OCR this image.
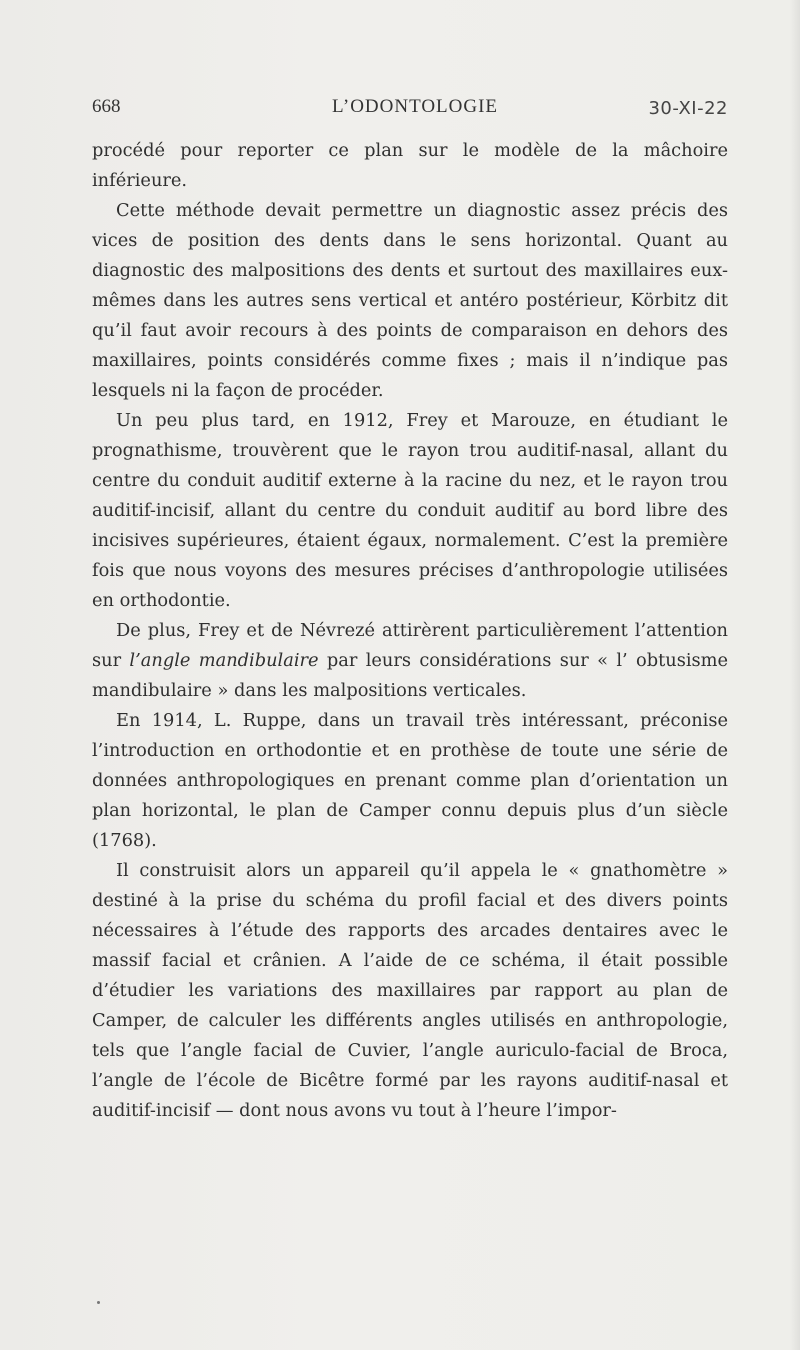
668	L’ODONTOLOGIE	30-XI-22

procédé pour reporter ce plan sur le modèle de la mâchoire inférieure.

Cette méthode devait permettre un diagnostic assez précis des vices de position des dents dans le sens horizontal. Quant au diagnostic des malpositions des dents et surtout des maxillaires eux-mêmes dans les autres sens vertical et antéro postérieur, Körbitz dit qu’il faut avoir recours à des points de comparaison en dehors des maxillaires, points considérés comme fixes ; mais il n’indique pas lesquels ni la façon de procéder.

Un peu plus tard, en 1912, Frey et Marouze, en étudiant le prognathisme, trouvèrent que le rayon trou auditif-nasal, allant du centre du conduit auditif externe à la racine du nez, et le rayon trou auditif-incisif, allant du centre du conduit auditif au bord libre des incisives supérieures, étaient égaux, normalement. C’est la première fois que nous voyons des mesures précises d’anthropologie utilisées en orthodontie.

De plus, Frey et de Névrezé attirèrent particulièrement l’attention sur l’angle mandibulaire par leurs considérations sur « l’ obtusisme mandibulaire » dans les malpositions verticales.

En 1914, L. Ruppe, dans un travail très intéressant, préconise l’introduction en orthodontie et en prothèse de toute une série de données anthropologiques en prenant comme plan d’orientation un plan horizontal, le plan de Camper connu depuis plus d’un siècle (1768).

Il construisit alors un appareil qu’il appela le « gnathomètre » destiné à la prise du schéma du profil facial et des divers points nécessaires à l’étude des rapports des arcades dentaires avec le massif facial et crânien. A l’aide de ce schéma, il était possible d’étudier les variations des maxillaires par rapport au plan de Camper, de calculer les différents angles utilisés en anthropologie, tels que l’angle facial de Cuvier, l’angle auriculo-facial de Broca, l’angle de l’école de Bicêtre formé par les rayons auditif-nasal et auditif-incisif — dont nous avons vu tout à l’heure l’impor-
